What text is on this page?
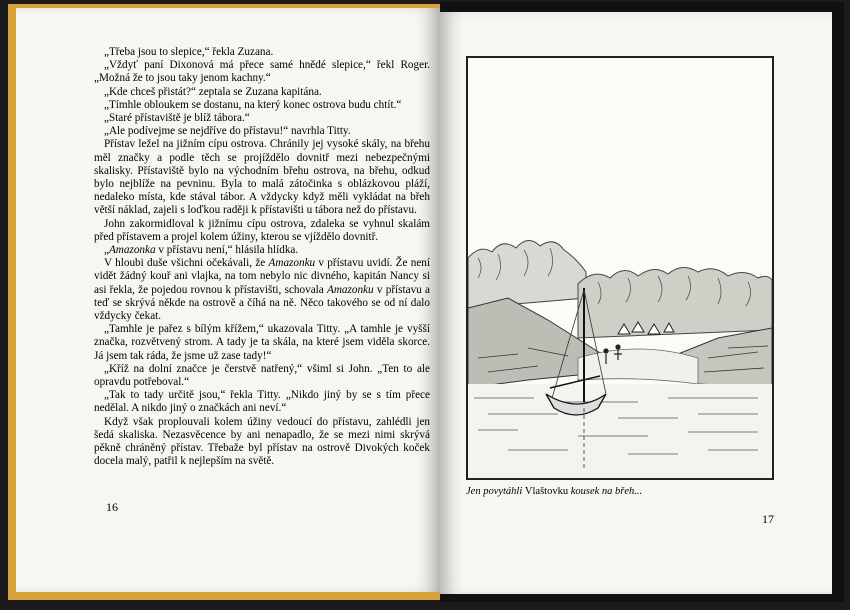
„Třeba jsou to slepice,“ řekla Zuzana.

„Vždyť paní Dixonová má přece samé hnědé slepice,“ řekl Roger. „Možná že to jsou taky jenom kachny.“

„Kde chceš přistát?“ zeptala se Zuzana kapitána.

„Tímhle obloukem se dostanu, na který konec ostrova budu chtít.“

„Staré přístaviště je blíž tábora.“

„Ale podívejme se nejdříve do přístavu!“ navrhla Titty.

Přístav ležel na jižním cípu ostrova. Chránily jej vysoké skály, na břehu měl značky a podle těch se projíždělo dovnitř mezi nebezpečnými skalisky. Přístaviště bylo na východním břehu ostrova, na břehu, odkud bylo nejblíže na pevninu. Byla to malá zátočinka s oblázkovou pláží, nedaleko místa, kde stával tábor. A vždycky když měli vykládat na břeh větší náklad, zajeli s loďkou raději k přístavišti u tábora než do přístavu.

John zakormidloval k jižnímu cípu ostrova, zdaleka se vyhnul skalám před přístavem a projel kolem úžiny, kterou se vjíždělo dovnitř.

„Amazonka v přístavu není,“ hlásila hlídka.

V hloubi duše všichni očekávali, že Amazonku v přístavu uvidí. Že není vidět žádný kouř ani vlajka, na tom nebylo nic divného, kapitán Nancy si asi řekla, že pojedou rovnou k přístavišti, schovala Amazonku v přístavu a teď se skrývá někde na ostrově a číhá na ně. Něco takového se od ní dalo vždycky čekat.

„Tamhle je pařez s bílým křížem,“ ukazovala Titty. „A tamhle je vyšší značka, rozvětvený strom. A tady je ta skála, na které jsem viděla skorce. Já jsem tak ráda, že jsme už zase tady!“

„Kříž na dolní značce je čerstvě natřený,“ všiml si John. „Ten to ale opravdu potřeboval.“

„Tak to tady určitě jsou,“ řekla Titty. „Nikdo jiný by se s tím přece nedělal. A nikdo jiný o značkách ani neví.“

Když však proplouvali kolem úžiny vedoucí do přístavu, zahlédli jen šedá skaliska. Nezasvěcence by ani nenapadlo, že se mezi nimi skrývá pěkně chráněný přístav. Třebaže byl přístav na ostrově Divokých koček docela malý, patřil k nejlepším na světě.

16
Jen povytáhli Vlaštovku kousek na břeh...
17
